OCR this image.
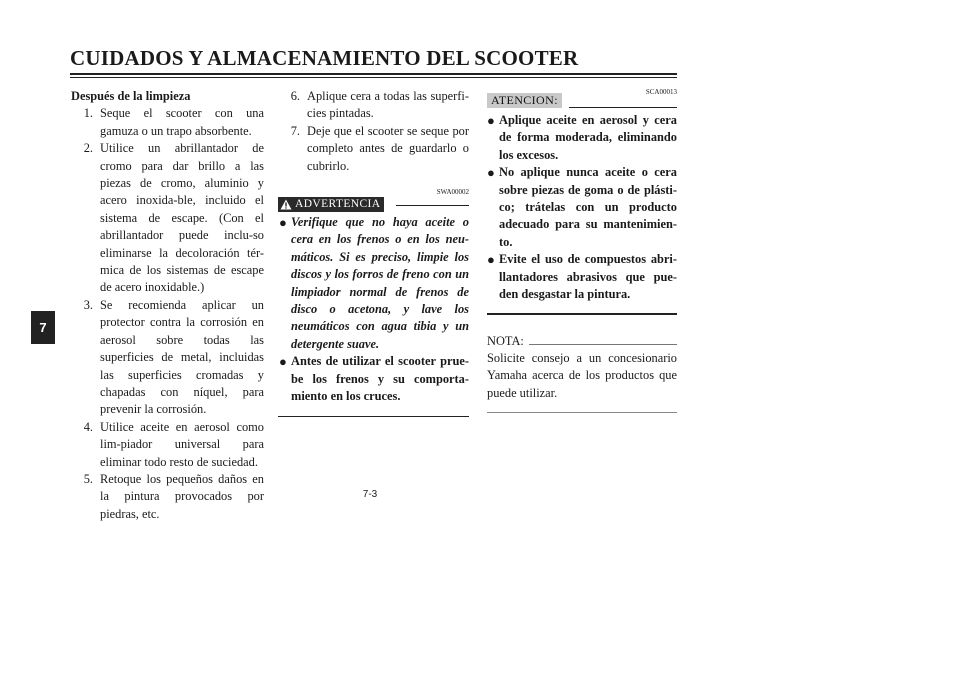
CUIDADOS Y ALMACENAMIENTO DEL SCOOTER
7
Después de la limpieza
1. Seque el scooter con una gamuza o un trapo absorbente.
2. Utilice un abrillantador de cromo para dar brillo a las piezas de cromo, aluminio y acero inoxida-ble, incluido el sistema de escape. (Con el abrillantador puede inclu-so eliminarse la decoloración tér-mica de los sistemas de escape de acero inoxidable.)
3. Se recomienda aplicar un protector contra la corrosión en aerosol sobre todas las superficies de metal, incluidas las superficies cromadas y chapadas con níquel, para prevenir la corrosión.
4. Utilice aceite en aerosol como lim-piador universal para eliminar todo resto de suciedad.
5. Retoque los pequeños daños en la pintura provocados por piedras, etc.
6. Aplique cera a todas las superfi-cies pintadas.
7. Deje que el scooter se seque por completo antes de guardarlo o cubrirlo.
SWA00002
ADVERTENCIA
● Verifique que no haya aceite o cera en los frenos o en los neu-máticos. Si es preciso, limpie los discos y los forros de freno con un limpiador normal de frenos de disco o acetona, y lave los neumáticos con agua tibia y un detergente suave.
● Antes de utilizar el scooter prue-be los frenos y su comporta-miento en los cruces.
SCA00013
ATENCION:
● Aplique aceite en aerosol y cera de forma moderada, eliminando los excesos.
● No aplique nunca aceite o cera sobre piezas de goma o de plásti-co; trátelas con un producto adecuado para su mantenimien-to.
● Evite el uso de compuestos abri-llantadores abrasivos que pue-den desgastar la pintura.
NOTA:
Solicite consejo a un concesionario Yamaha acerca de los productos que puede utilizar.
7-3
